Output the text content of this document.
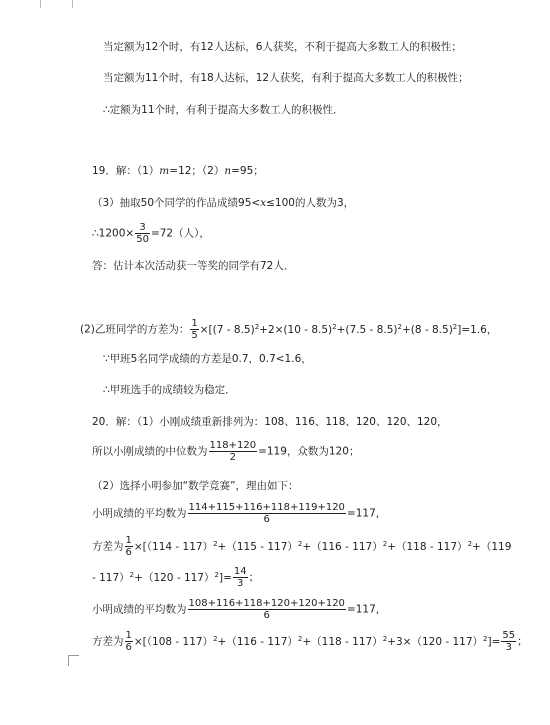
当定额为12个时，有12人达标，6人获奖，不利于提高大多数工人的积极性；
当定额为11个时，有18人达标，12人获奖，有利于提高大多数工人的积极性；
∴定额为11个时，有利于提高大多数工人的积极性．
19．解：（1）m=12；（2）n=95；
（3）抽取50个同学的作品成绩95<x≤100的人数为3，
∴1200× $\frac{3}{50} =72$（人），
答：估计本次活动获一等奖的同学有72人．
(2)乙班同学的方差为： $\frac{1}{5} \times[(7 - 8.5)^2+2\times(10 - 8.5)^2+(7.5 - 8.5)^2+(8 - 8.5)^2]=1.6$，
∵甲班5名同学成绩的方差是0.7，0.7<1.6，
∴甲班选手的成绩较为稳定．
20．解：（1）小刚成绩重新排列为：108、116、118、120、120、120，
所以小刚成绩的中位数为 $\frac{118+120}{2} =119$，众数为120；
（2）选择小明参加“数学竞赛”，理由如下：
小明成绩的平均数为 $\frac{114+115+116+118+119+120}{6} =117$，
方差为 $\frac{1}{6} \times[(114 - 117)^2+(115 - 117)^2+(116 - 117)^2+(118 - 117)^2+(119$
- $117)^2+(120 - 117)^2]= \frac{14}{3}$ ；
小明成绩的平均数为 $\frac{108+116+118+120+120+120}{6} =117$，
方差为 $\frac{1}{6} \times[(108 - 117)^2+(116 - 117)^2+(118 - 117)^2+3\times(120 - 117)^2]= \frac{55}{3}$ ；
